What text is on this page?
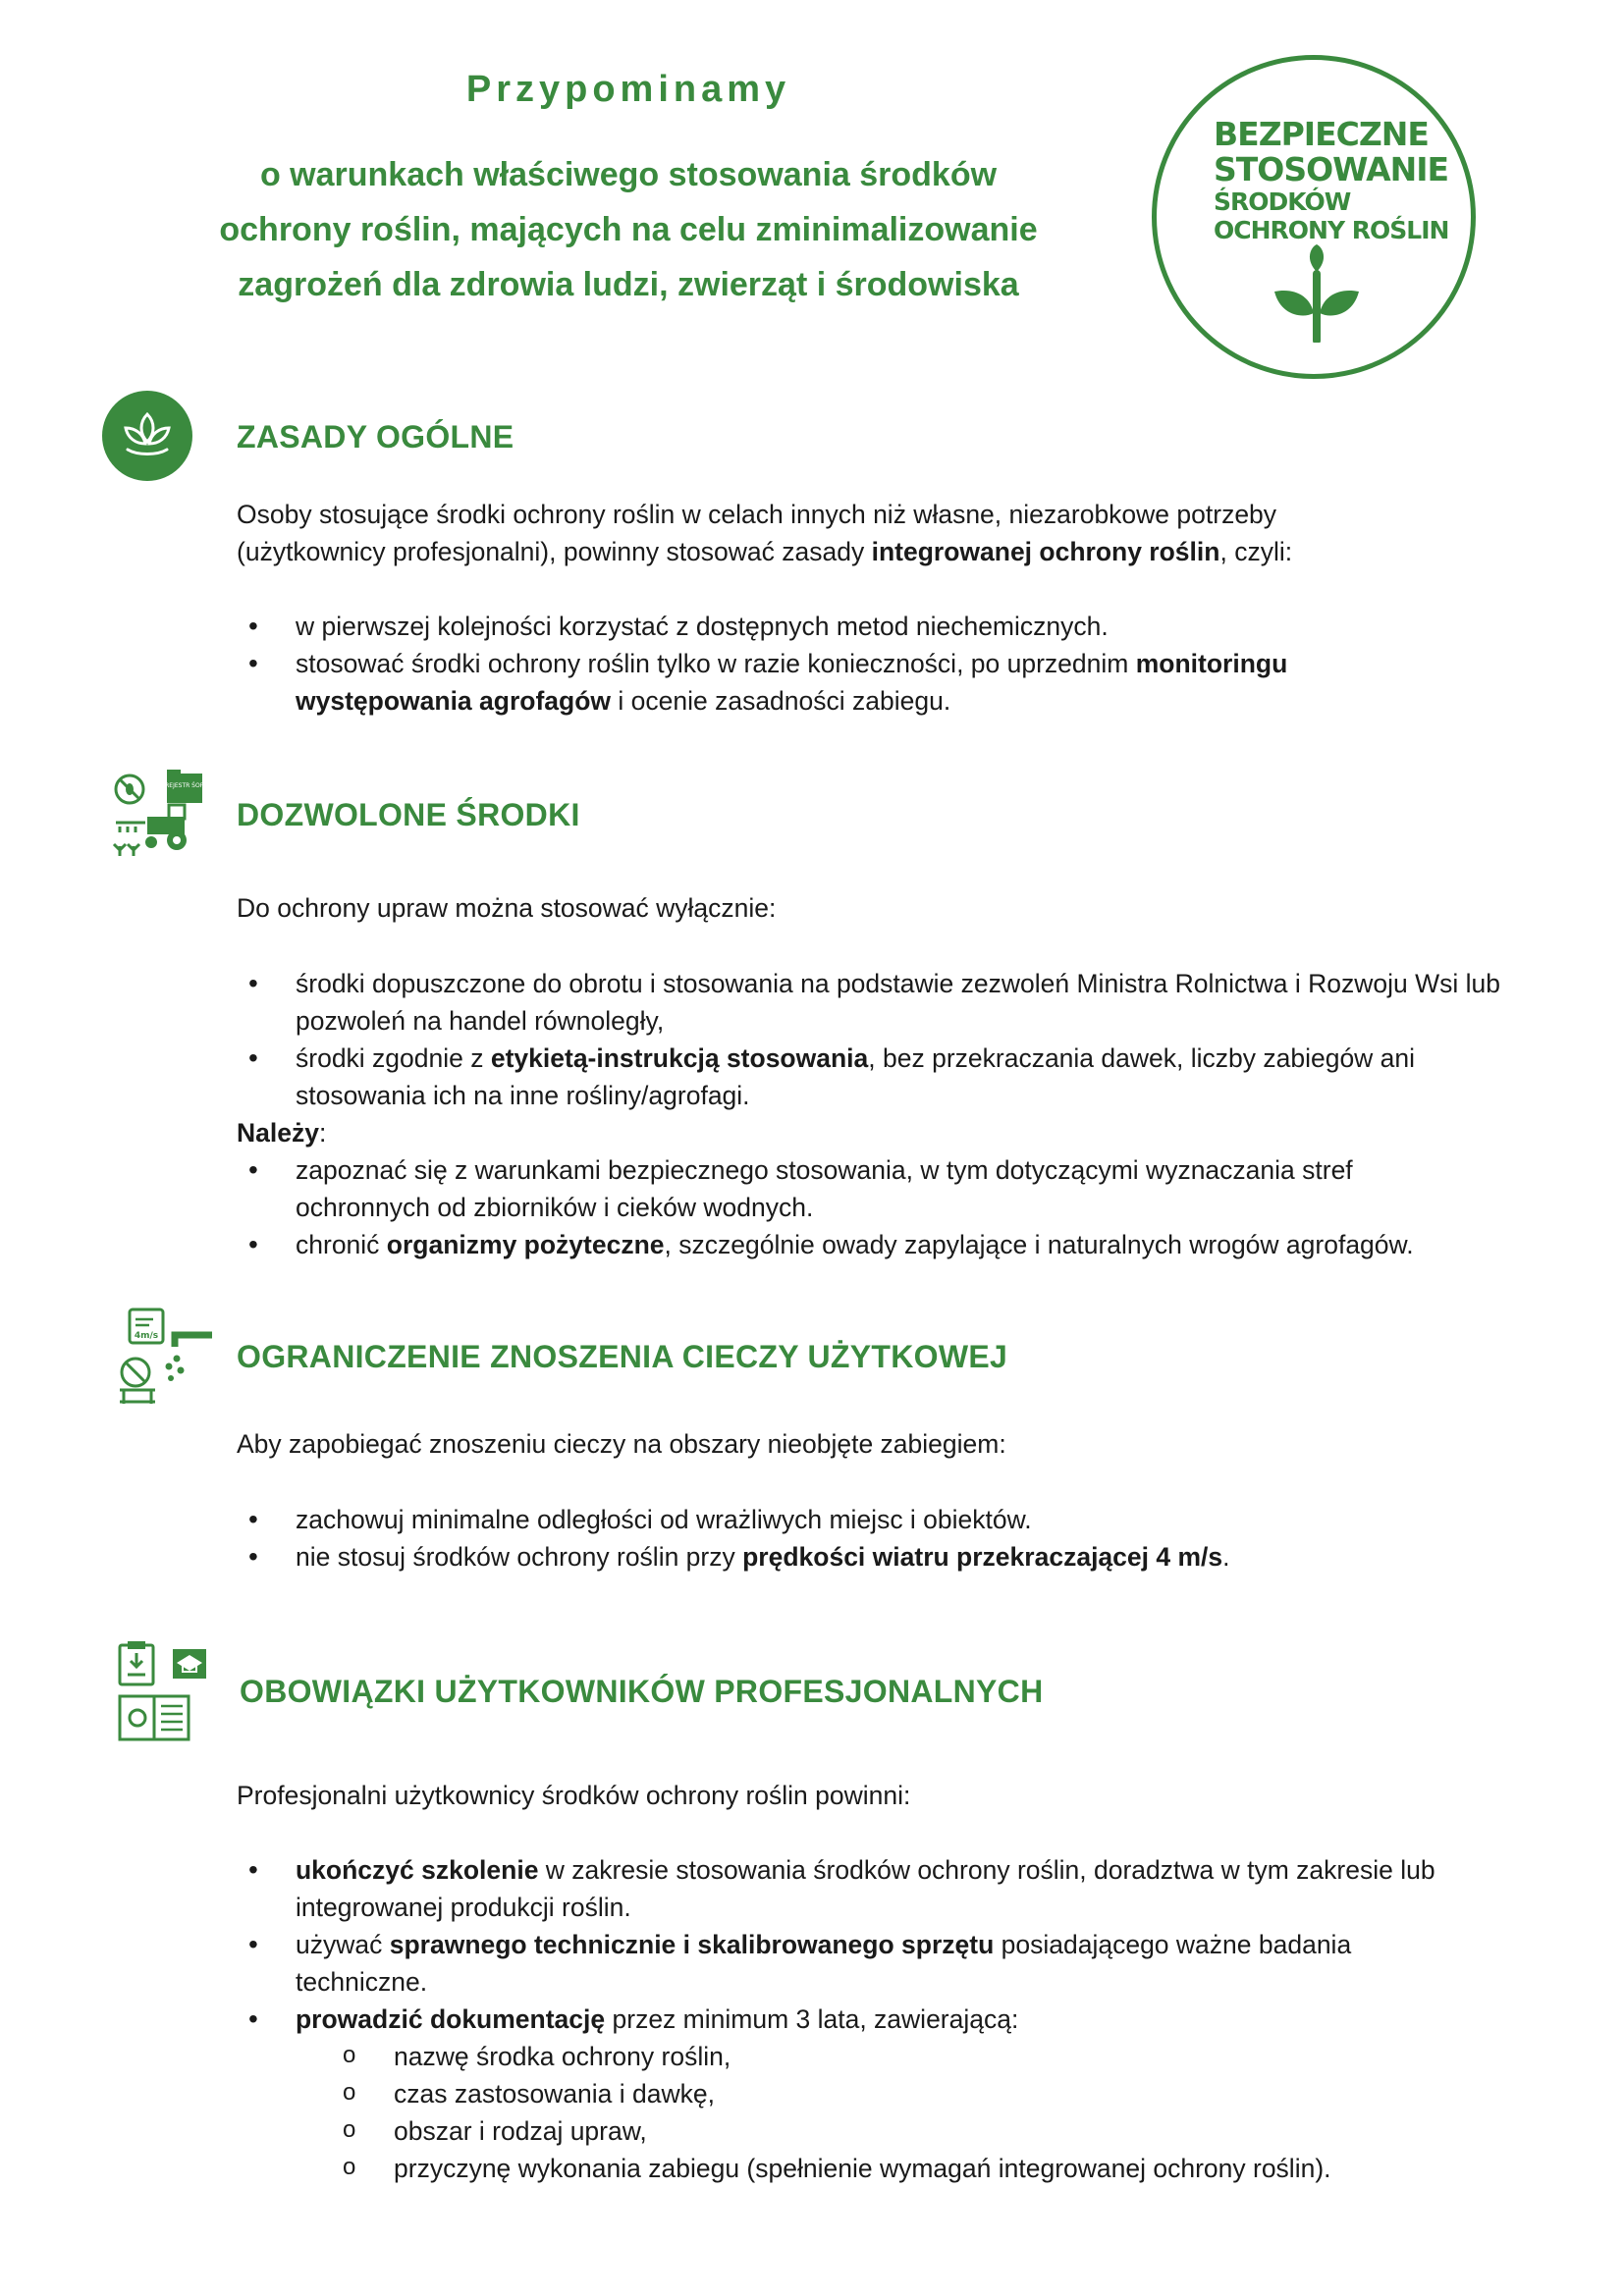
Przypominamy
o warunkach właściwego stosowania środków
ochrony roślin, mających na celu zminimalizowanie
zagrożeń dla zdrowia ludzi, zwierząt i środowiska
BEZPIECZNE
STOSOWANIE
ŚRODKÓW
OCHRONY ROŚLIN
ZASADY OGÓLNE
Osoby stosujące środki ochrony roślin w celach innych niż własne, niezarobkowe potrzeby
(użytkownicy profesjonalni), powinny stosować zasady integrowanej ochrony roślin, czyli:
• w pierwszej kolejności korzystać z dostępnych metod niechemicznych.
• stosować środki ochrony roślin tylko w razie konieczności, po uprzednim monitoringu występowania agrofagów i ocenie zasadności zabiegu.
REJESTR ŚOR
DOZWOLONE ŚRODKI
Do ochrony upraw można stosować wyłącznie:
• środki dopuszczone do obrotu i stosowania na podstawie zezwoleń Ministra Rolnictwa i Rozwoju Wsi lub pozwoleń na handel równoległy,
• środki zgodnie z etykietą-instrukcją stosowania, bez przekraczania dawek, liczby zabiegów ani stosowania ich na inne rośliny/agrofagi.
Należy:
• zapoznać się z warunkami bezpiecznego stosowania, w tym dotyczącymi wyznaczania stref ochronnych od zbiorników i cieków wodnych.
• chronić organizmy pożyteczne, szczególnie owady zapylające i naturalnych wrogów agrofagów.
4m/s
OGRANICZENIE ZNOSZENIA CIECZY UŻYTKOWEJ
Aby zapobiegać znoszeniu cieczy na obszary nieobjęte zabiegiem:
• zachowuj minimalne odległości od wrażliwych miejsc i obiektów.
• nie stosuj środków ochrony roślin przy prędkości wiatru przekraczającej 4 m/s.
OBOWIĄZKI UŻYTKOWNIKÓW PROFESJONALNYCH
Profesjonalni użytkownicy środków ochrony roślin powinni:
• ukończyć szkolenie w zakresie stosowania środków ochrony roślin, doradztwa w tym zakresie lub integrowanej produkcji roślin.
• używać sprawnego technicznie i skalibrowanego sprzętu posiadającego ważne badania techniczne.
• prowadzić dokumentację przez minimum 3 lata, zawierającą:
o nazwę środka ochrony roślin,
o czas zastosowania i dawkę,
o obszar i rodzaj upraw,
o przyczynę wykonania zabiegu (spełnienie wymagań integrowanej ochrony roślin).
